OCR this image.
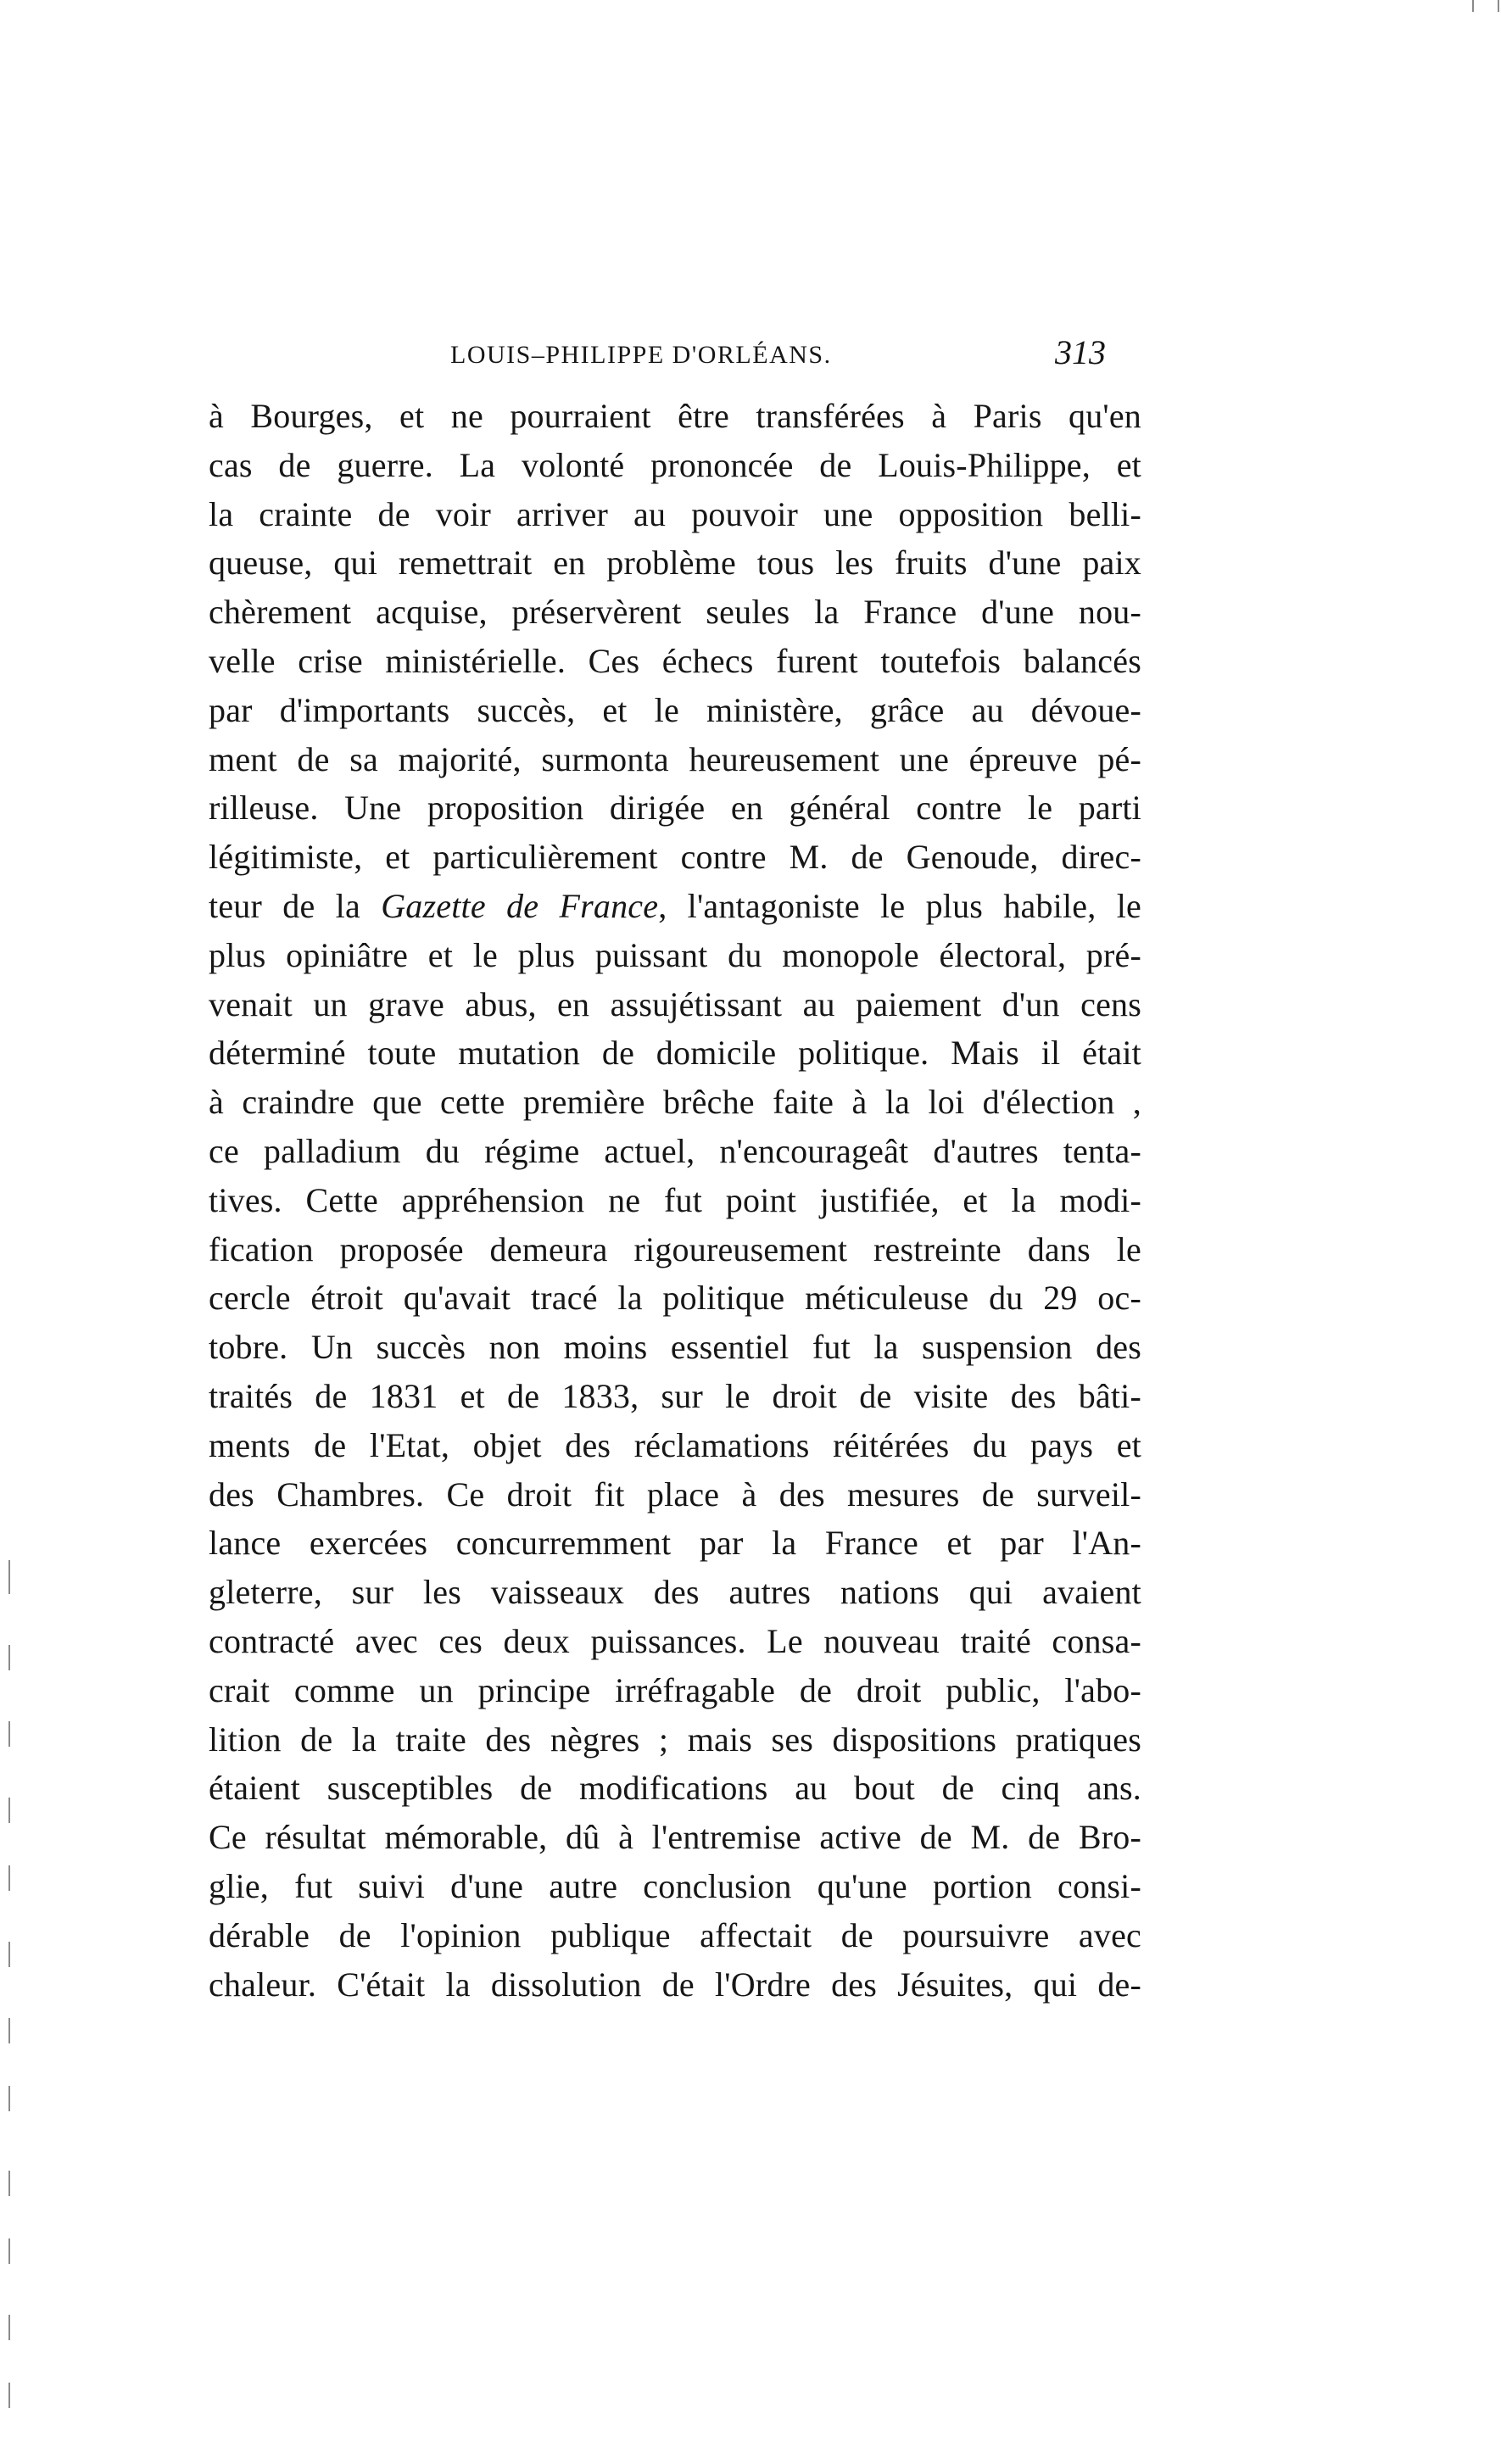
LOUIS–PHILIPPE D'ORLÉANS.	313
à Bourges, et ne pourraient être transférées à Paris qu'en
cas de guerre. La volonté prononcée de Louis-Philippe, et
la crainte de voir arriver au pouvoir une opposition belli-
queuse, qui remettrait en problème tous les fruits d'une paix
chèrement acquise, préservèrent seules la France d'une nou-
velle crise ministérielle. Ces échecs furent toutefois balancés
par d'importants succès, et le ministère, grâce au dévoue-
ment de sa majorité, surmonta heureusement une épreuve pé-
rilleuse. Une proposition dirigée en général contre le parti
légitimiste, et particulièrement contre M. de Genoude, direc-
teur de la Gazette de France, l'antagoniste le plus habile, le
plus opiniâtre et le plus puissant du monopole électoral, pré-
venait un grave abus, en assujétissant au paiement d'un cens
déterminé toute mutation de domicile politique. Mais il était
à craindre que cette première brêche faite à la loi d'élection ,
ce palladium du régime actuel, n'encourageât d'autres tenta-
tives. Cette appréhension ne fut point justifiée, et la modi-
fication proposée demeura rigoureusement restreinte dans le
cercle étroit qu'avait tracé la politique méticuleuse du 29 oc-
tobre. Un succès non moins essentiel fut la suspension des
traités de 1831 et de 1833, sur le droit de visite des bâti-
ments de l'Etat, objet des réclamations réitérées du pays et
des Chambres. Ce droit fit place à des mesures de surveil-
lance exercées concurremment par la France et par l'An-
gleterre, sur les vaisseaux des autres nations qui avaient
contracté avec ces deux puissances. Le nouveau traité consa-
crait comme un principe irréfragable de droit public, l'abo-
lition de la traite des nègres ; mais ses dispositions pratiques
étaient susceptibles de modifications au bout de cinq ans.
Ce résultat mémorable, dû à l'entremise active de M. de Bro-
glie, fut suivi d'une autre conclusion qu'une portion consi-
dérable de l'opinion publique affectait de poursuivre avec
chaleur. C'était la dissolution de l'Ordre des Jésuites, qui de-
